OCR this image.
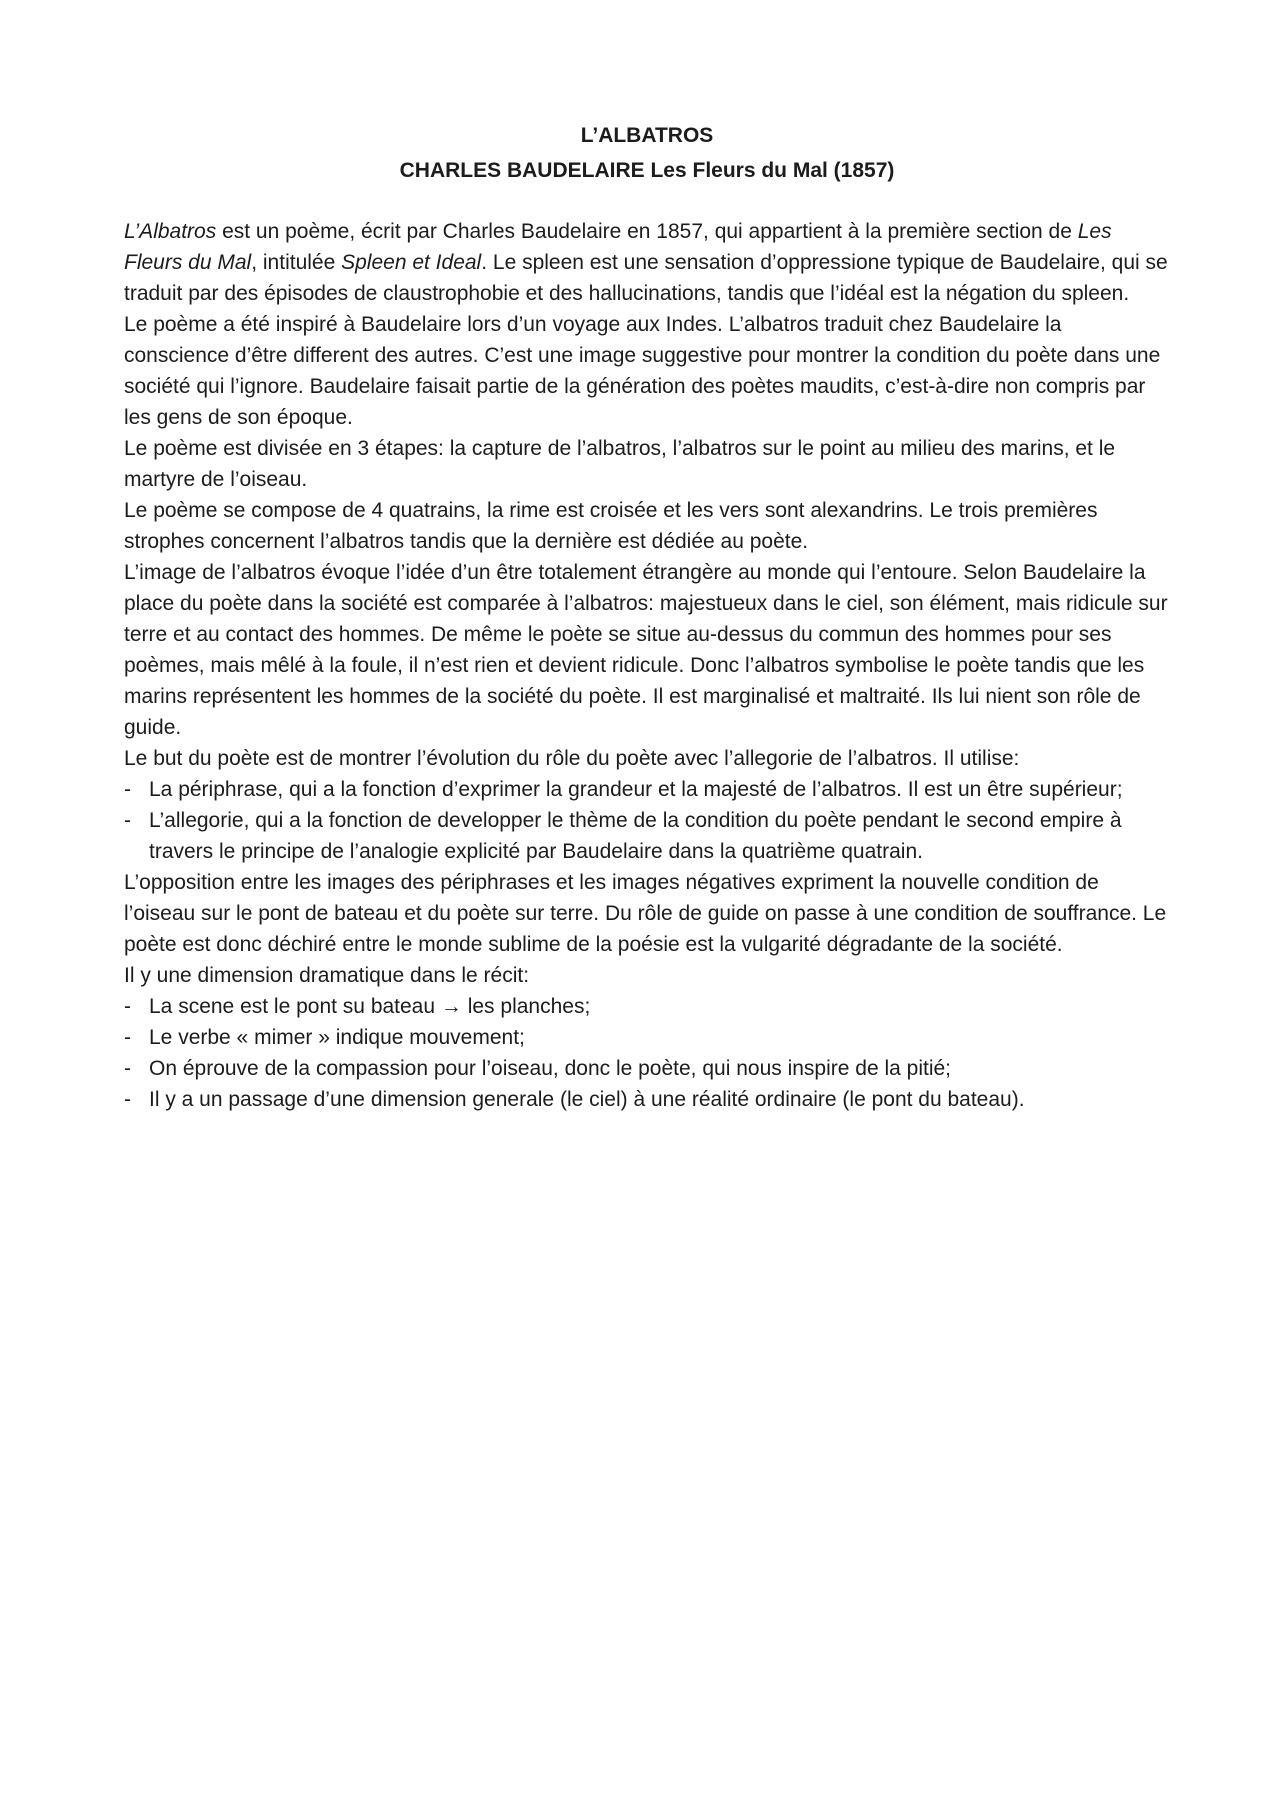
L’ALBATROS
CHARLES BAUDELAIRE Les Fleurs du Mal (1857)

L’Albatros est un poème, écrit par Charles Baudelaire en 1857, qui appartient à la première section de Les Fleurs du Mal, intitulée Spleen et Ideal. Le spleen est une sensation d’oppressione typique de Baudelaire, qui se traduit par des épisodes de claustrophobie et des hallucinations, tandis que l’idéal est la négation du spleen.

Le poème a été inspiré à Baudelaire lors d’un voyage aux Indes. L’albatros traduit chez Baudelaire la conscience d’être different des autres. C’est une image suggestive pour montrer la condition du poète dans une société qui l’ignore. Baudelaire faisait partie de la génération des poètes maudits, c’est-à-dire non compris par les gens de son époque.

Le poème est divisée en 3 étapes: la capture de l’albatros, l’albatros sur le point au milieu des marins, et le martyre de l’oiseau.

Le poème se compose de 4 quatrains, la rime est croisée et les vers sont alexandrins. Le trois premières strophes concernent l’albatros tandis que la dernière est dédiée au poète.

L’image de l’albatros évoque l’idée d’un être totalement étrangère au monde qui l’entoure. Selon Baudelaire la place du poète dans la société est comparée à l’albatros: majestueux dans le ciel, son élément, mais ridicule sur terre et au contact des hommes. De même le poète se situe au-dessus du commun des hommes pour ses poèmes, mais mêlé à la foule, il n’est rien et devient ridicule. Donc l’albatros symbolise le poète tandis que les marins représentent les hommes de la société du poète. Il est marginalisé et maltraité. Ils lui nient son rôle de guide.

Le but du poète est de montrer l’évolution du rôle du poète avec l’allegorie de l’albatros. Il utilise:

- La périphrase, qui a la fonction d’exprimer la grandeur et la majesté de l’albatros. Il est un être supérieur;
- L’allegorie, qui a la fonction de developper le thème de la condition du poète pendant le second empire à travers le principe de l’analogie explicité par Baudelaire dans la quatrième quatrain.

L’opposition entre les images des périphrases et les images négatives expriment la nouvelle condition de l’oiseau sur le pont de bateau et du poète sur terre. Du rôle de guide on passe à une condition de souffrance. Le poète est donc déchiré entre le monde sublime de la poésie est la vulgarité dégradante de la société.

Il y une dimension dramatique dans le récit:

- La scene est le pont su bateau → les planches;
- Le verbe « mimer » indique mouvement;
- On éprouve de la compassion pour l’oiseau, donc le poète, qui nous inspire de la pitié;
- Il y a un passage d’une dimension generale (le ciel) à une réalité ordinaire (le pont du bateau).
